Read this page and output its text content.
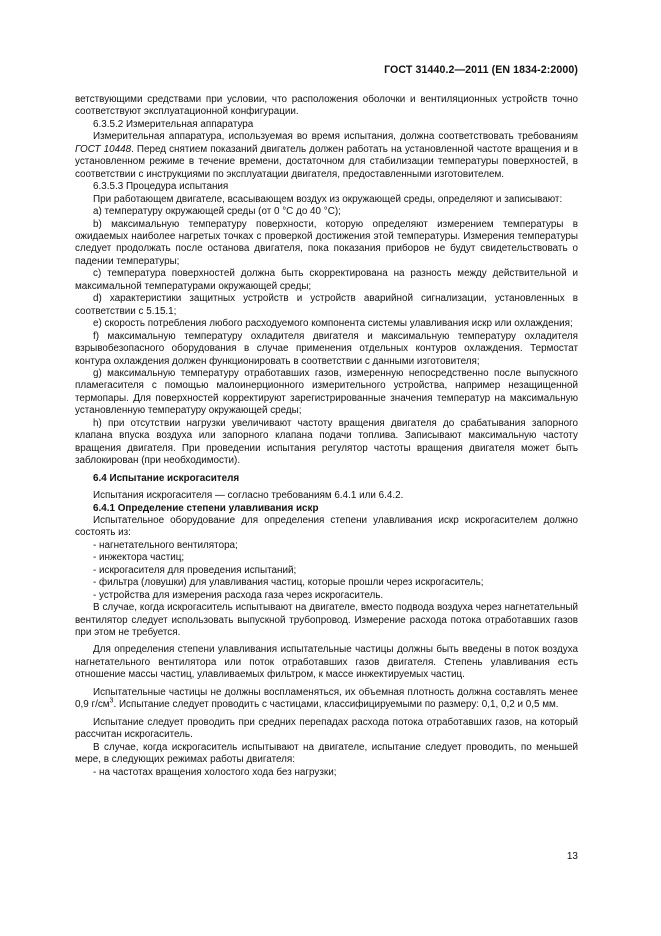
ГОСТ 31440.2—2011 (EN 1834-2:2000)

ветствующими средствами при условии, что расположения оболочки и вентиляционных устройств точно соответствуют эксплуатационной конфигурации.

6.3.5.2 Измерительная аппаратура

Измерительная аппаратура, используемая во время испытания, должна соответствовать требованиям ГОСТ 10448. Перед снятием показаний двигатель должен работать на установленной частоте вращения и в установленном режиме в течение времени, достаточном для стабилизации температуры поверхностей, в соответствии с инструкциями по эксплуатации двигателя, предоставленными изготовителем.

6.3.5.3 Процедура испытания

При работающем двигателе, всасывающем воздух из окружающей среды, определяют и записывают:

а) температуру окружающей среды (от 0 °С до 40 °С);

b) максимальную температуру поверхности, которую определяют измерением температуры в ожидаемых наиболее нагретых точках с проверкой достижения этой температуры. Измерения температуры следует продолжать после останова двигателя, пока показания приборов не будут свидетельствовать о падении температуры;

с) температура поверхностей должна быть скорректирована на разность между действительной и максимальной температурами окружающей среды;

d) характеристики защитных устройств и устройств аварийной сигнализации, установленных в соответствии с 5.15.1;

е) скорость потребления любого расходуемого компонента системы улавливания искр или охлаждения;

f) максимальную температуру охладителя двигателя и максимальную температуру охладителя взрывобезопасного оборудования в случае применения отдельных контуров охлаждения. Термостат контура охлаждения должен функционировать в соответствии с данными изготовителя;

g) максимальную температуру отработавших газов, измеренную непосредственно после выпускного пламегасителя с помощью малоинерционного измерительного устройства, например незащищенной термопары. Для поверхностей корректируют зарегистрированные значения температур на максимальную установленную температуру окружающей среды;

h) при отсутствии нагрузки увеличивают частоту вращения двигателя до срабатывания запорного клапана впуска воздуха или запорного клапана подачи топлива. Записывают максимальную частоту вращения двигателя. При проведении испытания регулятор частоты вращения двигателя может быть заблокирован (при необходимости).

6.4 Испытание искрогасителя

Испытания искрогасителя — согласно требованиям 6.4.1 или 6.4.2.

6.4.1 Определение степени улавливания искр

Испытательное оборудование для определения степени улавливания искр искрогасителем должно состоять из:

- нагнетательного вентилятора;

- инжектора частиц;

- искрогасителя для проведения испытаний;

- фильтра (ловушки) для улавливания частиц, которые прошли через искрогаситель;

- устройства для измерения расхода газа через искрогаситель.

В случае, когда искрогаситель испытывают на двигателе, вместо подвода воздуха через нагнетательный вентилятор следует использовать выпускной трубопровод. Измерение расхода потока отработавших газов при этом не требуется.

Для определения степени улавливания испытательные частицы должны быть введены в поток воздуха нагнетательного вентилятора или поток отработавших газов двигателя. Степень улавливания есть отношение массы частиц, улавливаемых фильтром, к массе инжектируемых частиц.

Испытательные частицы не должны воспламеняться, их объемная плотность должна составлять менее 0,9 $г/см^3$. Испытание следует проводить с частицами, классифицируемыми по размеру: 0,1, 0,2 и 0,5 мм.

Испытание следует проводить при средних перепадах расхода потока отработавших газов, на который рассчитан искрогаситель.

В случае, когда искрогаситель испытывают на двигателе, испытание следует проводить, по меньшей мере, в следующих режимах работы двигателя:

- на частотах вращения холостого хода без нагрузки;

13
